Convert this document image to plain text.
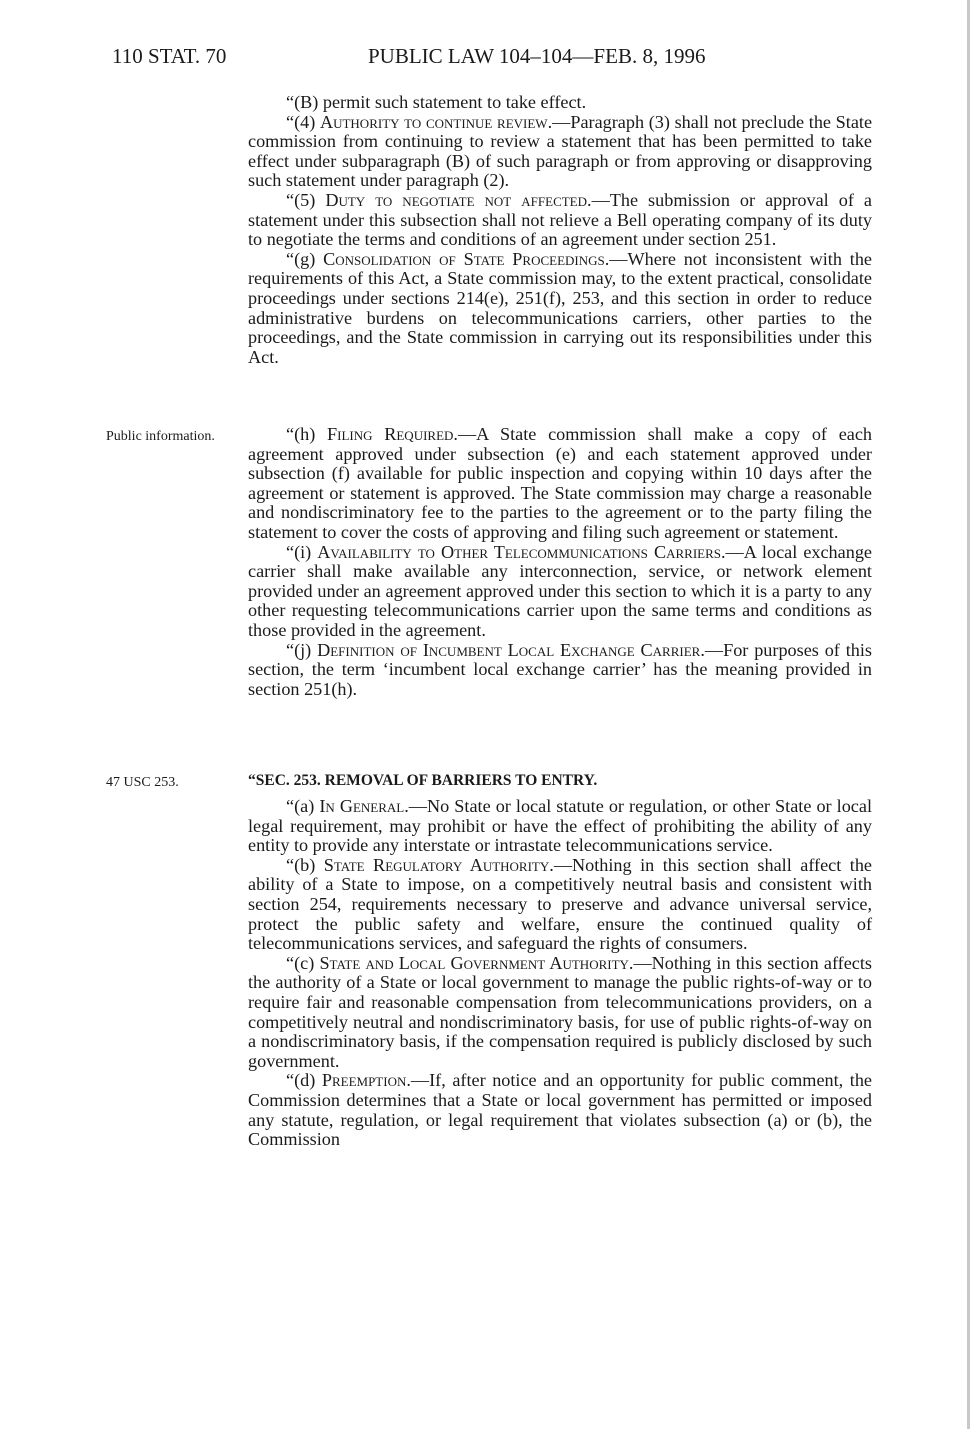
110 STAT. 70	PUBLIC LAW 104–104—FEB. 8, 1996

“(B) permit such statement to take effect.

“(4) Authority to continue review.—Paragraph (3) shall not preclude the State commission from continuing to review a statement that has been permitted to take effect under subparagraph (B) of such paragraph or from approving or disapproving such statement under paragraph (2).

“(5) Duty to negotiate not affected.—The submission or approval of a statement under this subsection shall not relieve a Bell operating company of its duty to negotiate the terms and conditions of an agreement under section 251.

“(g) Consolidation of State Proceedings.—Where not inconsistent with the requirements of this Act, a State commission may, to the extent practical, consolidate proceedings under sections 214(e), 251(f), 253, and this section in order to reduce administrative burdens on telecommunications carriers, other parties to the proceedings, and the State commission in carrying out its responsibilities under this Act.

Public information.	“(h) Filing Required.—A State commission shall make a copy of each agreement approved under subsection (e) and each statement approved under subsection (f) available for public inspection and copying within 10 days after the agreement or statement is approved. The State commission may charge a reasonable and nondiscriminatory fee to the parties to the agreement or to the party filing the statement to cover the costs of approving and filing such agreement or statement.

“(i) Availability to Other Telecommunications Carriers.—A local exchange carrier shall make available any interconnection, service, or network element provided under an agreement approved under this section to which it is a party to any other requesting telecommunications carrier upon the same terms and conditions as those provided in the agreement.

“(j) Definition of Incumbent Local Exchange Carrier.—For purposes of this section, the term ‘incumbent local exchange carrier’ has the meaning provided in section 251(h).

47 USC 253.	“SEC. 253. REMOVAL OF BARRIERS TO ENTRY.

“(a) In General.—No State or local statute or regulation, or other State or local legal requirement, may prohibit or have the effect of prohibiting the ability of any entity to provide any interstate or intrastate telecommunications service.

“(b) State Regulatory Authority.—Nothing in this section shall affect the ability of a State to impose, on a competitively neutral basis and consistent with section 254, requirements necessary to preserve and advance universal service, protect the public safety and welfare, ensure the continued quality of telecommunications services, and safeguard the rights of consumers.

“(c) State and Local Government Authority.—Nothing in this section affects the authority of a State or local government to manage the public rights-of-way or to require fair and reasonable compensation from telecommunications providers, on a competitively neutral and nondiscriminatory basis, for use of public rights-of-way on a nondiscriminatory basis, if the compensation required is publicly disclosed by such government.

“(d) Preemption.—If, after notice and an opportunity for public comment, the Commission determines that a State or local government has permitted or imposed any statute, regulation, or legal requirement that violates subsection (a) or (b), the Commission
